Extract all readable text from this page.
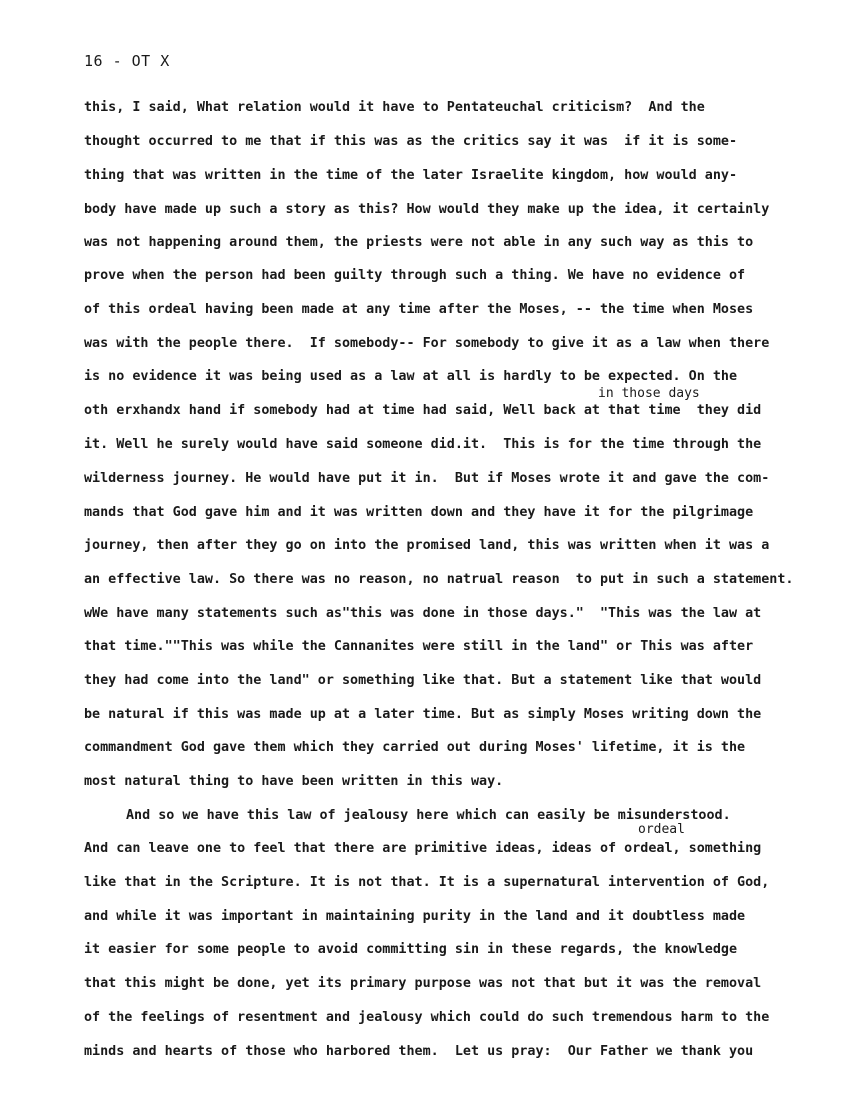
16 - OT X
this, I said, What relation would it have to Pentateuchal criticism?  And the
thought occurred to me that if this was as the critics say it was  if it is some-
thing that was written in the time of the later Israelite kingdom, how would any-
body have made up such a story as this? How would they make up the idea, it certainly
was not happening around them, the priests were not able in any such way as this to
prove when the person had been guilty through such a thing. We have no evidence of
of this ordeal having been made at any time after the Moses, -- the time when Moses
was with the people there.  If somebody-- For somebody to give it as a law when there
is no evidence it was being used as a law at all is hardly to be expected. On the
in those days
oth erxhandx hand if somebody had at time had said, Well back at that time  they did
it. Well he surely would have said someone did.it.  This is for the time through the
wilderness journey. He would have put it in.  But if Moses wrote it and gave the com-
mands that God gave him and it was written down and they have it for the pilgrimage
journey, then after they go on into the promised land, this was written when it was a
an effective law. So there was no reason, no natrual reason  to put in such a statement.
wWe have many statements such as"this was done in those days."  "This was the law at
that time.""This was while the Cannanites were still in the land" or This was after
they had come into the land" or something like that. But a statement like that would
be natural if this was made up at a later time. But as simply Moses writing down the
commandment God gave them which they carried out during Moses' lifetime, it is the
most natural thing to have been written in this way.
And so we have this law of jealousy here which can easily be misunderstood.
ordeal
And can leave one to feel that there are primitive ideas, ideas of ordeal, something
like that in the Scripture. It is not that. It is a supernatural intervention of God,
and while it was important in maintaining purity in the land and it doubtless made
it easier for some people to avoid committing sin in these regards, the knowledge
that this might be done, yet its primary purpose was not that but it was the removal
of the feelings of resentment and jealousy which could do such tremendous harm to the
minds and hearts of those who harbored them.  Let us pray:  Our Father we thank you
